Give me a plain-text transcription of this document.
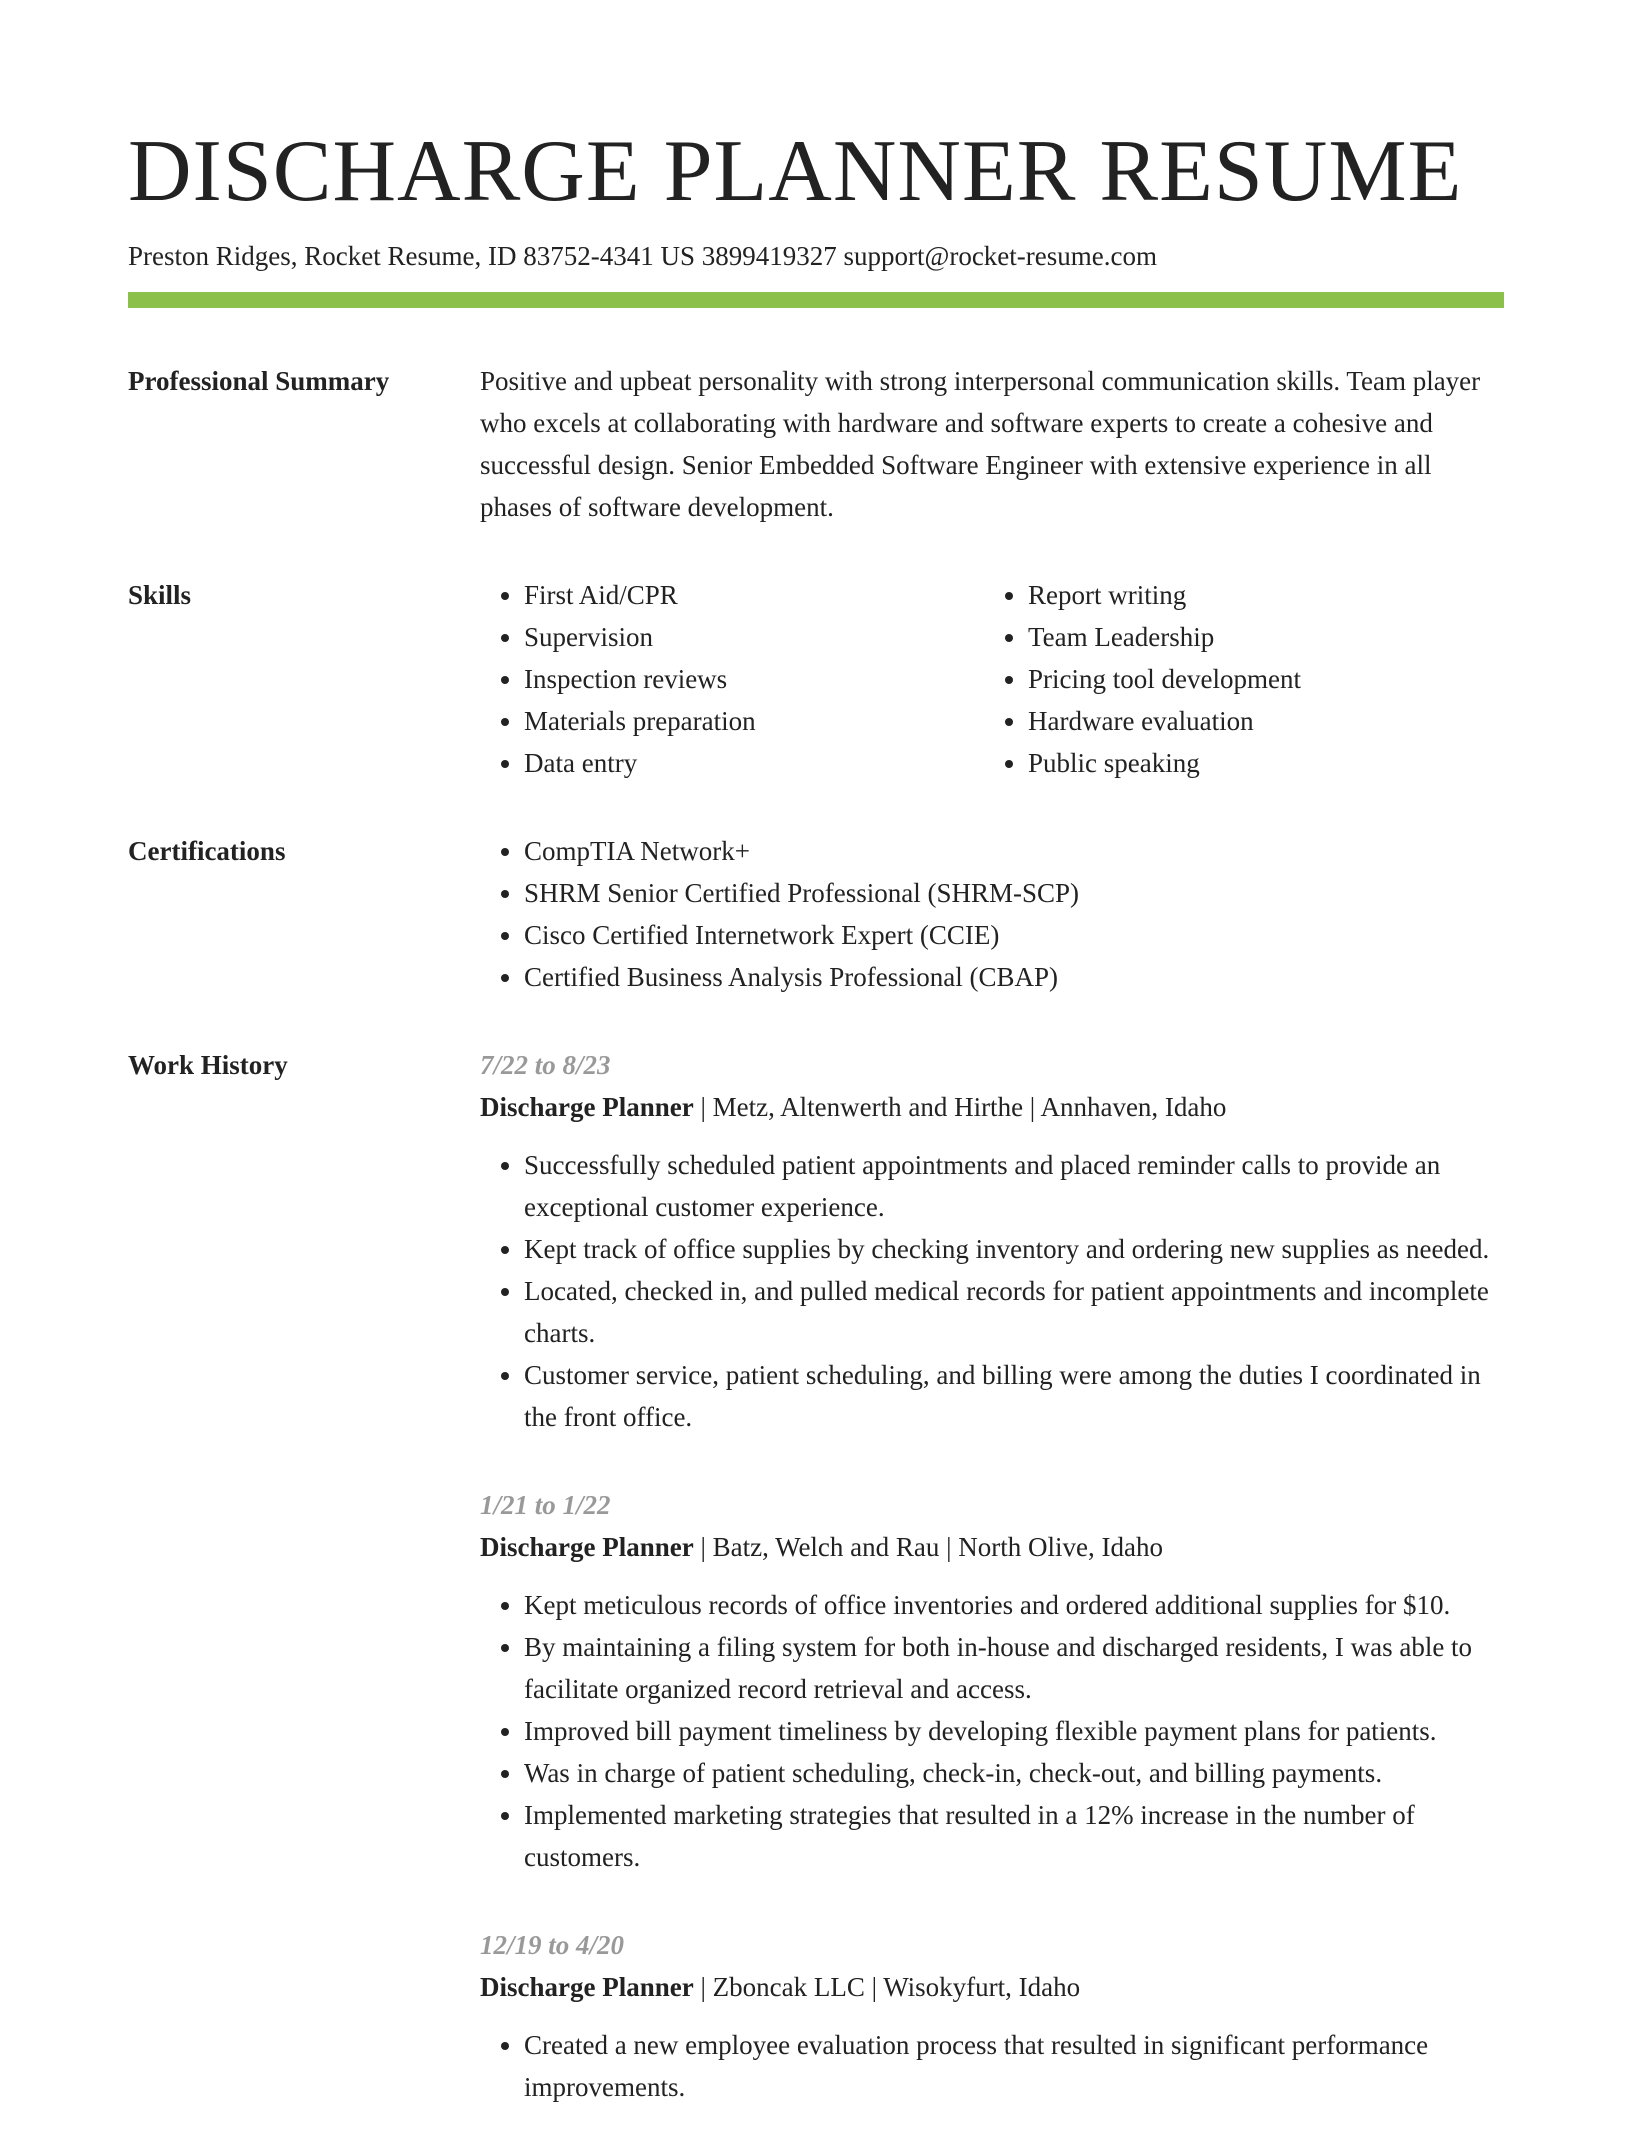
DISCHARGE PLANNER RESUME
Preston Ridges, Rocket Resume, ID 83752-4341 US 3899419327 support@rocket-resume.com
Professional Summary	Positive and upbeat personality with strong interpersonal communication skills. Team player who excels at collaborating with hardware and software experts to create a cohesive and successful design. Senior Embedded Software Engineer with extensive experience in all phases of software development.
Skills	• First Aid/CPR
• Supervision
• Inspection reviews
• Materials preparation
• Data entry
• Report writing
• Team Leadership
• Pricing tool development
• Hardware evaluation
• Public speaking
Certifications	• CompTIA Network+
• SHRM Senior Certified Professional (SHRM-SCP)
• Cisco Certified Internetwork Expert (CCIE)
• Certified Business Analysis Professional (CBAP)
Work History	7/22 to 8/23
Discharge Planner | Metz, Altenwerth and Hirthe | Annhaven, Idaho
• Successfully scheduled patient appointments and placed reminder calls to provide an exceptional customer experience.
• Kept track of office supplies by checking inventory and ordering new supplies as needed.
• Located, checked in, and pulled medical records for patient appointments and incomplete charts.
• Customer service, patient scheduling, and billing were among the duties I coordinated in the front office.
1/21 to 1/22
Discharge Planner | Batz, Welch and Rau | North Olive, Idaho
• Kept meticulous records of office inventories and ordered additional supplies for $10.
• By maintaining a filing system for both in-house and discharged residents, I was able to facilitate organized record retrieval and access.
• Improved bill payment timeliness by developing flexible payment plans for patients.
• Was in charge of patient scheduling, check-in, check-out, and billing payments.
• Implemented marketing strategies that resulted in a 12% increase in the number of customers.
12/19 to 4/20
Discharge Planner | Zboncak LLC | Wisokyfurt, Idaho
• Created a new employee evaluation process that resulted in significant performance improvements.
